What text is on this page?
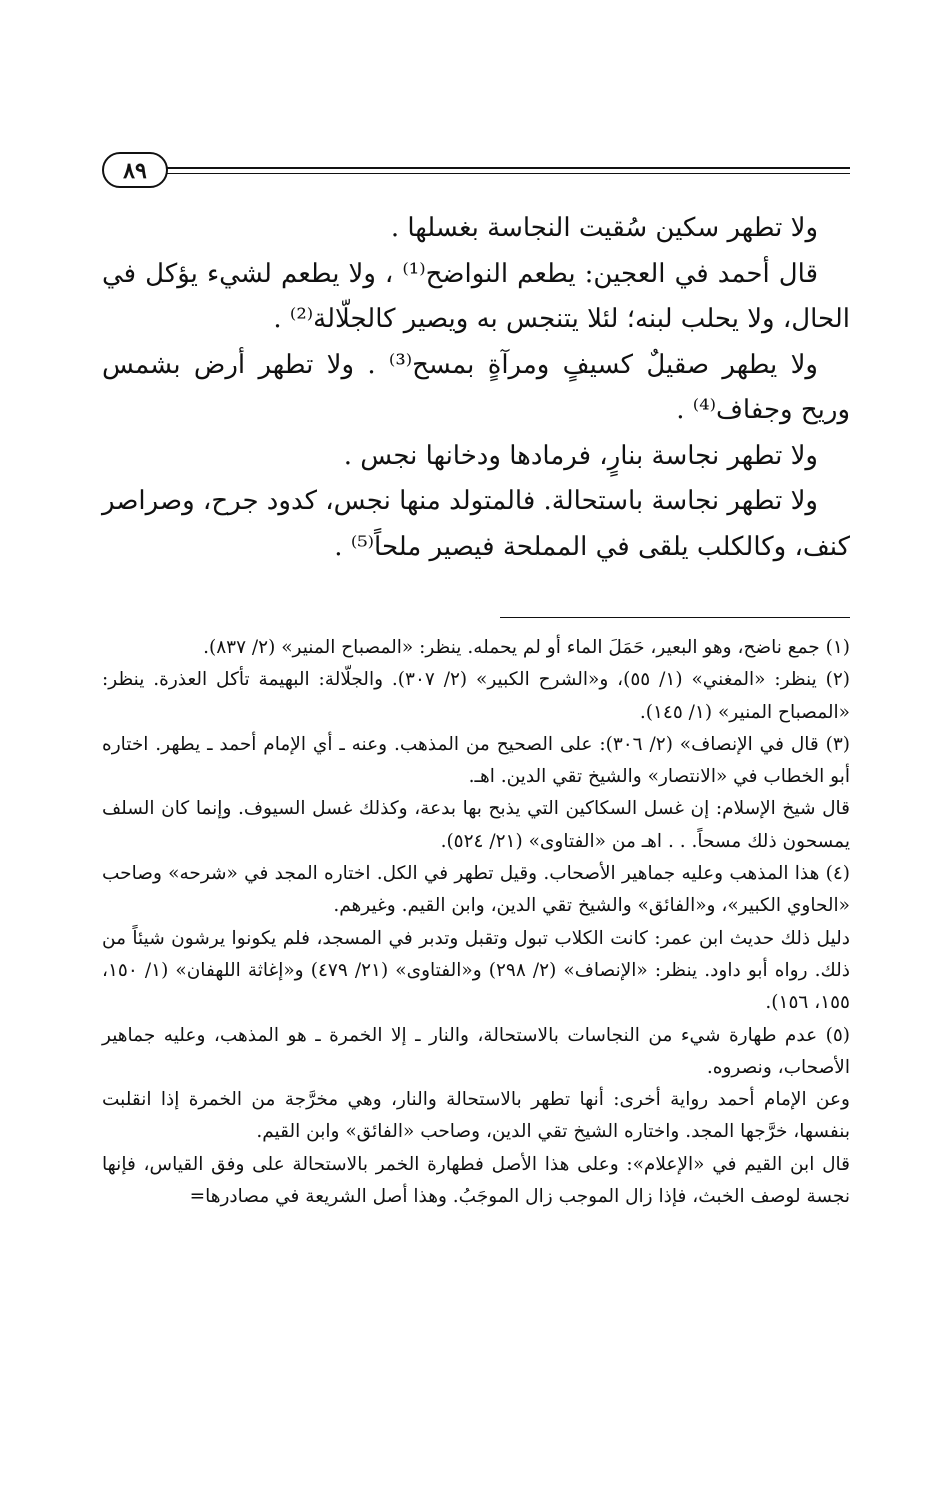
٨٩

ولا تطهر سكين سُقيت النجاسة بغسلها .

قال أحمد في العجين: يطعم النواضح⁽¹⁾ ، ولا يطعم لشيء يؤكل في الحال، ولا يحلب لبنه؛ لئلا يتنجس به ويصير كالجلّالة⁽²⁾ .

ولا يطهر صقيلٌ كسيفٍ ومرآةٍ بمسح⁽³⁾ . ولا تطهر أرض بشمس وريح وجفاف⁽⁴⁾ .

ولا تطهر نجاسة بنارٍ، فرمادها ودخانها نجس .

ولا تطهر نجاسة باستحالة. فالمتولد منها نجس، كدود جرح، وصراصر كنف، وكالكلب يلقى في المملحة فيصير ملحاً⁽⁵⁾ .

(١) جمع ناضح، وهو البعير، حَمَلَ الماء أو لم يحمله. ينظر: «المصباح المنير» (٢/ ٨٣٧).

(٢) ينظر: «المغني» (١/ ٥٥)، و«الشرح الكبير» (٢/ ٣٠٧). والجلّالة: البهيمة تأكل العذرة. ينظر: «المصباح المنير» (١/ ١٤٥).

(٣) قال في الإنصاف» (٢/ ٣٠٦): على الصحيح من المذهب. وعنه ـ أي الإمام أحمد ـ يطهر. اختاره أبو الخطاب في «الانتصار» والشيخ تقي الدين. اهـ.

قال شيخ الإسلام: إن غسل السكاكين التي يذبح بها بدعة، وكذلك غسل السيوف. وإنما كان السلف يمسحون ذلك مسحاً. . . اهـ من «الفتاوى» (٢١/ ٥٢٤).

(٤) هذا المذهب وعليه جماهير الأصحاب. وقيل تطهر في الكل. اختاره المجد في «شرحه» وصاحب «الحاوي الكبير»، و«الفائق» والشيخ تقي الدين، وابن القيم. وغيرهم.

دليل ذلك حديث ابن عمر: كانت الكلاب تبول وتقبل وتدبر في المسجد، فلم يكونوا يرشون شيئاً من ذلك. رواه أبو داود. ينظر: «الإنصاف» (٢/ ٢٩٨) و«الفتاوى» (٢١/ ٤٧٩) و«إغاثة اللهفان» (١/ ١٥٠، ١٥٥، ١٥٦).

(٥) عدم طهارة شيء من النجاسات بالاستحالة، والنار ـ إلا الخمرة ـ هو المذهب، وعليه جماهير الأصحاب، ونصروه.

وعن الإمام أحمد رواية أخرى: أنها تطهر بالاستحالة والنار، وهي مخرَّجة من الخمرة إذا انقلبت بنفسها، خرَّجها المجد. واختاره الشيخ تقي الدين، وصاحب «الفائق» وابن القيم.

قال ابن القيم في «الإعلام»: وعلى هذا الأصل فطهارة الخمر بالاستحالة على وفق القياس، فإنها نجسة لوصف الخبث، فإذا زال الموجب زال الموجَبُ. وهذا أصل الشريعة في مصادرها=
